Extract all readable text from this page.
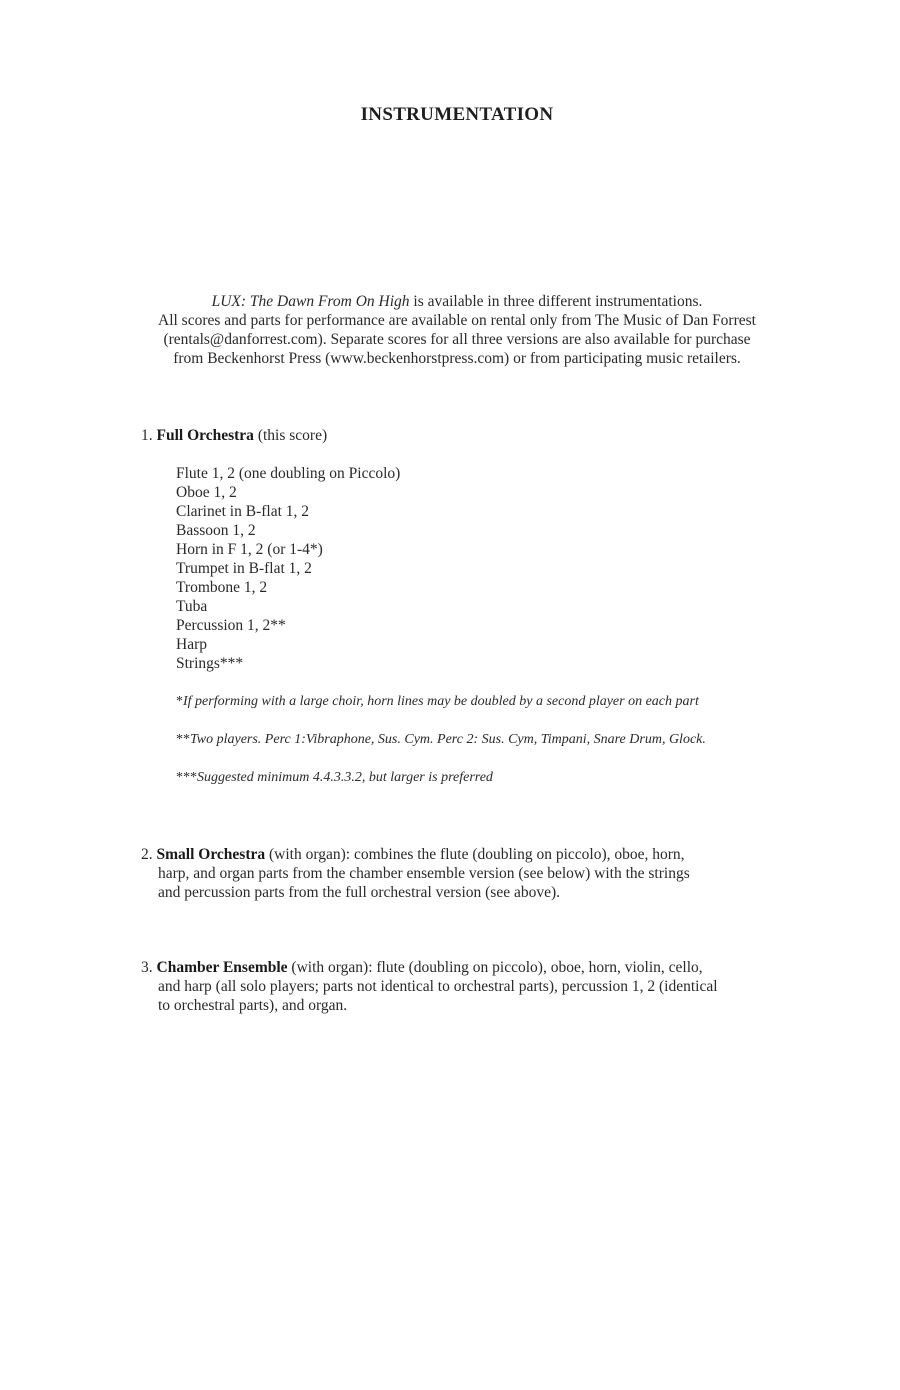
INSTRUMENTATION
LUX: The Dawn From On High is available in three different instrumentations.
All scores and parts for performance are available on rental only from The Music of Dan Forrest
(rentals@danforrest.com). Separate scores for all three versions are also available for purchase
from Beckenhorst Press (www.beckenhorstpress.com) or from participating music retailers.
1. Full Orchestra (this score)
Flute 1, 2 (one doubling on Piccolo)
Oboe 1, 2
Clarinet in B-flat 1, 2
Bassoon 1, 2
Horn in F 1, 2 (or 1-4*)
Trumpet in B-flat 1, 2
Trombone 1, 2
Tuba
Percussion 1, 2**
Harp
Strings***
*If performing with a large choir, horn lines may be doubled by a second player on each part
**Two players. Perc 1:Vibraphone, Sus. Cym. Perc 2: Sus. Cym, Timpani, Snare Drum, Glock.
***Suggested minimum 4.4.3.3.2, but larger is preferred
2. Small Orchestra (with organ): combines the flute (doubling on piccolo), oboe, horn,
harp, and organ parts from the chamber ensemble version (see below) with the strings
and percussion parts from the full orchestral version (see above).
3. Chamber Ensemble (with organ): flute (doubling on piccolo), oboe, horn, violin, cello,
and harp (all solo players; parts not identical to orchestral parts), percussion 1, 2 (identical
to orchestral parts), and organ.
